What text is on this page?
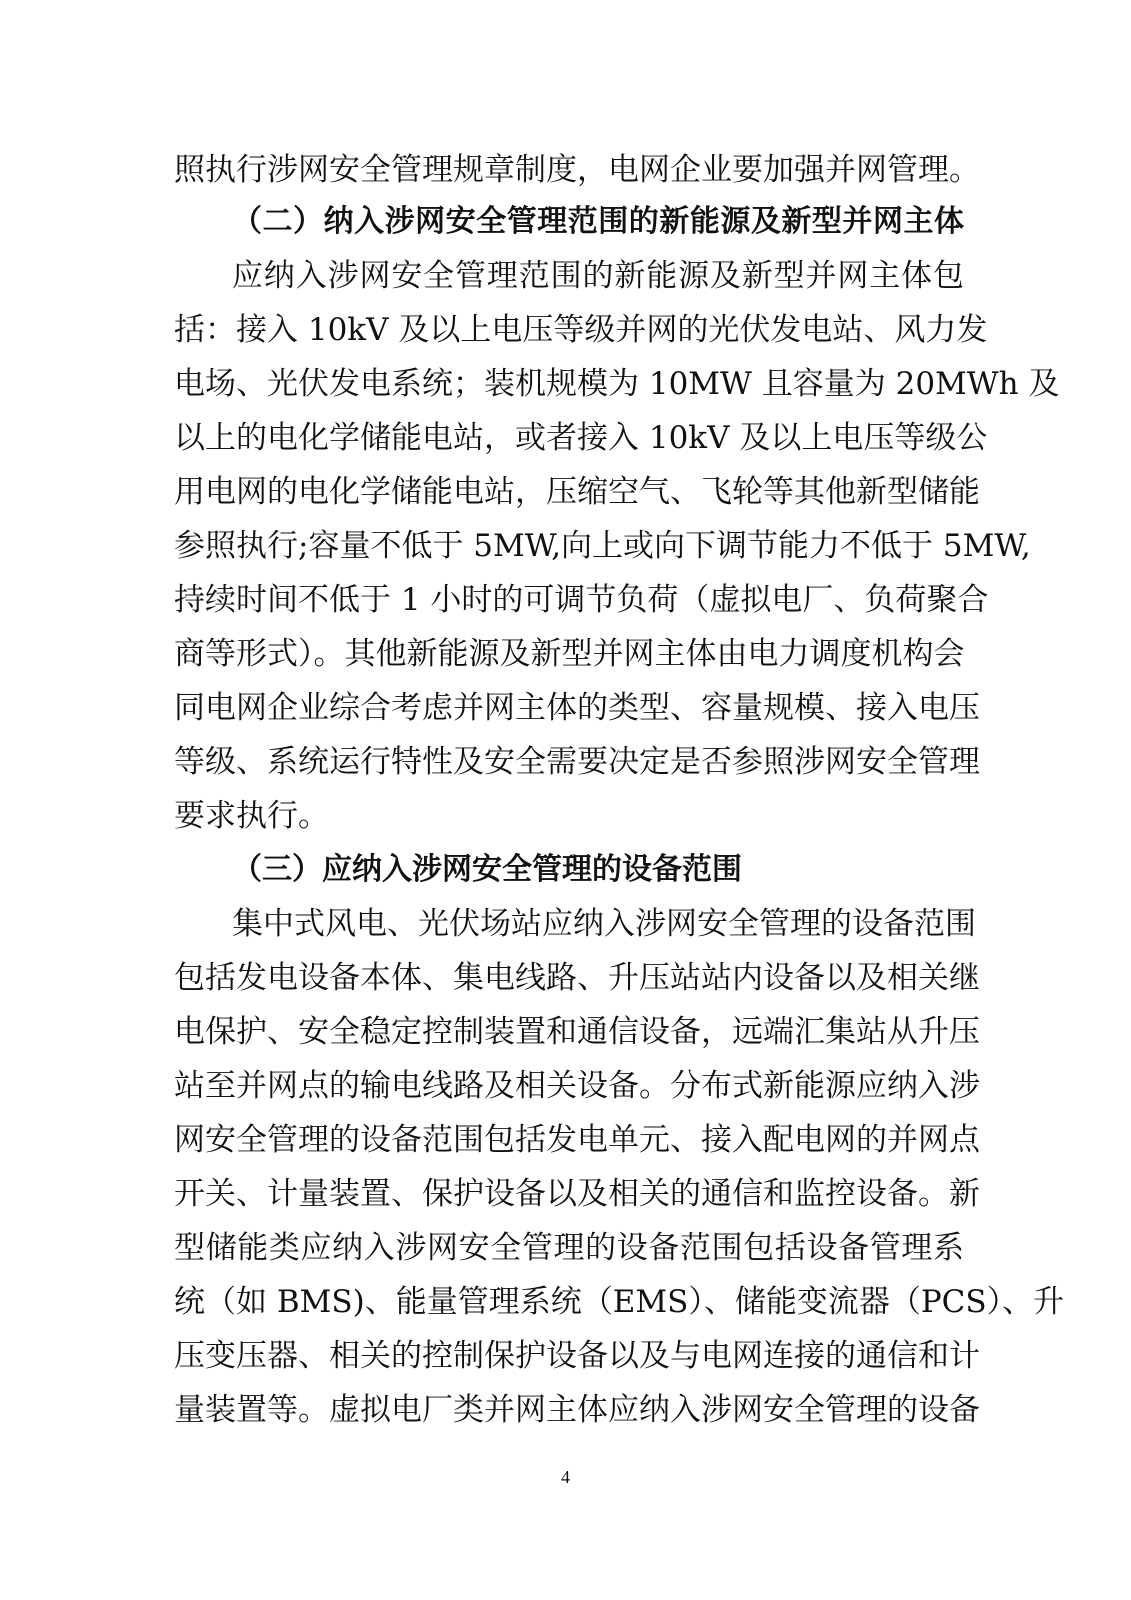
照执行涉网安全管理规章制度，电网企业要加强并网管理。
（二）纳入涉网安全管理范围的新能源及新型并网主体
应纳入涉网安全管理范围的新能源及新型并网主体包
括：接入 10kV 及以上电压等级并网的光伏发电站、风力发
电场、光伏发电系统；装机规模为 10MW 且容量为 20MWh 及
以上的电化学储能电站，或者接入 10kV 及以上电压等级公
用电网的电化学储能电站，压缩空气、飞轮等其他新型储能
参照执行;容量不低于 5MW,向上或向下调节能力不低于 5MW,
持续时间不低于 1 小时的可调节负荷（虚拟电厂、负荷聚合
商等形式）。其他新能源及新型并网主体由电力调度机构会
同电网企业综合考虑并网主体的类型、容量规模、接入电压
等级、系统运行特性及安全需要决定是否参照涉网安全管理
要求执行。
（三）应纳入涉网安全管理的设备范围
集中式风电、光伏场站应纳入涉网安全管理的设备范围
包括发电设备本体、集电线路、升压站站内设备以及相关继
电保护、安全稳定控制装置和通信设备，远端汇集站从升压
站至并网点的输电线路及相关设备。分布式新能源应纳入涉
网安全管理的设备范围包括发电单元、接入配电网的并网点
开关、计量装置、保护设备以及相关的通信和监控设备。新
型储能类应纳入涉网安全管理的设备范围包括设备管理系
统（如 BMS)、能量管理系统（EMS）、储能变流器（PCS）、升
压变压器、相关的控制保护设备以及与电网连接的通信和计
量装置等。虚拟电厂类并网主体应纳入涉网安全管理的设备
4
